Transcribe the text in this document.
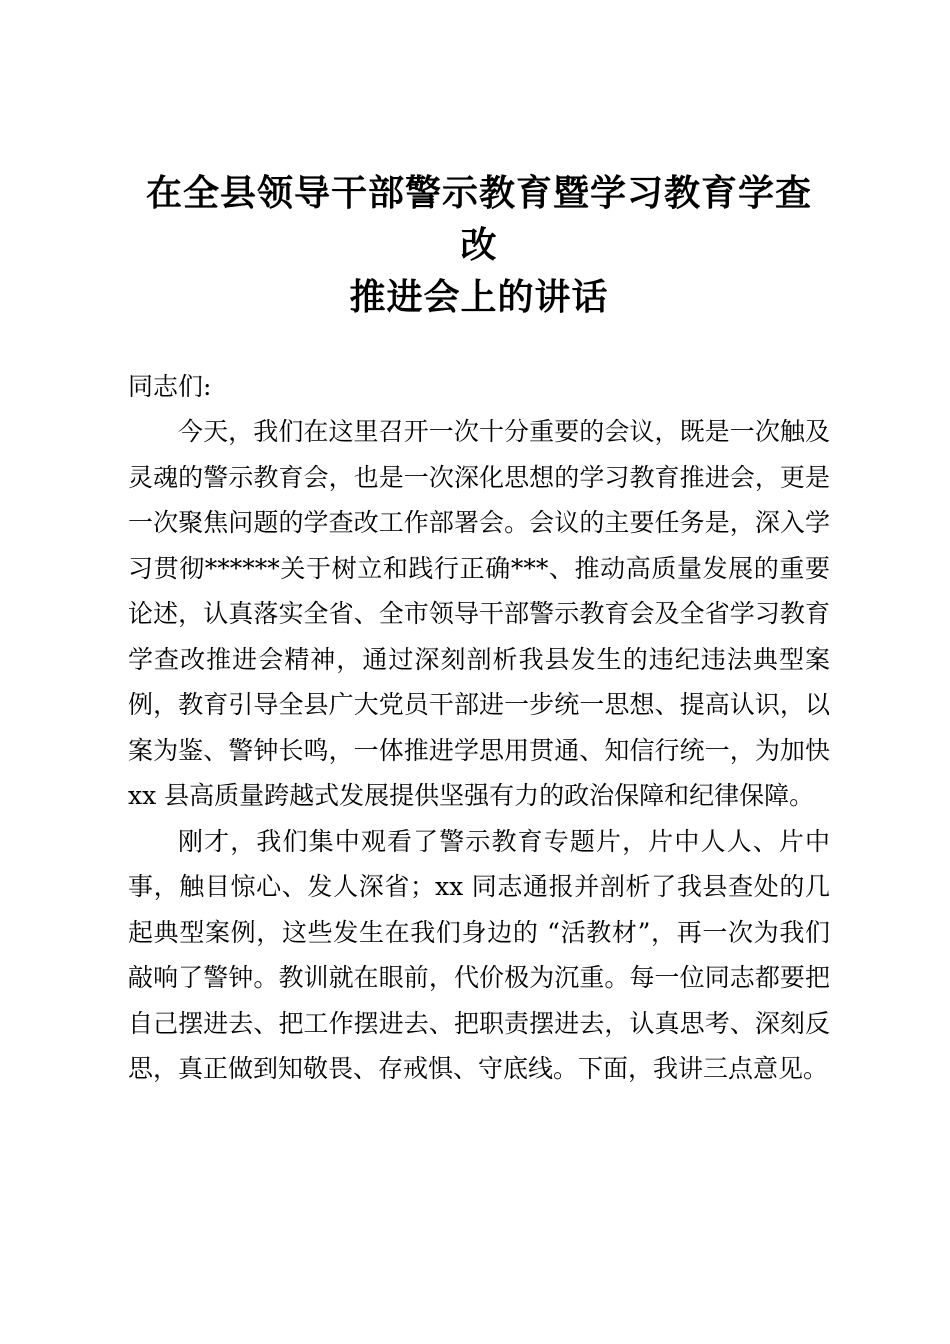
在全县领导干部警示教育暨学习教育学查改
推进会上的讲话
同志们:

今天，我们在这里召开一次十分重要的会议，既是一次触及灵魂的警示教育会，也是一次深化思想的学习教育推进会，更是一次聚焦问题的学查改工作部署会。会议的主要任务是，深入学习贯彻******关于树立和践行正确***、推动高质量发展的重要论述，认真落实全省、全市领导干部警示教育会及全省学习教育学查改推进会精神，通过深刻剖析我县发生的违纪违法典型案例，教育引导全县广大党员干部进一步统一思想、提高认识，以案为鉴、警钟长鸣，一体推进学思用贯通、知信行统一，为加快 xx 县高质量跨越式发展提供坚强有力的政治保障和纪律保障。

刚才，我们集中观看了警示教育专题片，片中人人、片中事，触目惊心、发人深省；xx 同志通报并剖析了我县查处的几起典型案例，这些发生在我们身边的 “活教材”，再一次为我们敲响了警钟。教训就在眼前，代价极为沉重。每一位同志都要把自己摆进去、把工作摆进去、把职责摆进去，认真思考、深刻反思，真正做到知敬畏、存戒惧、守底线。下面，我讲三点意见。
